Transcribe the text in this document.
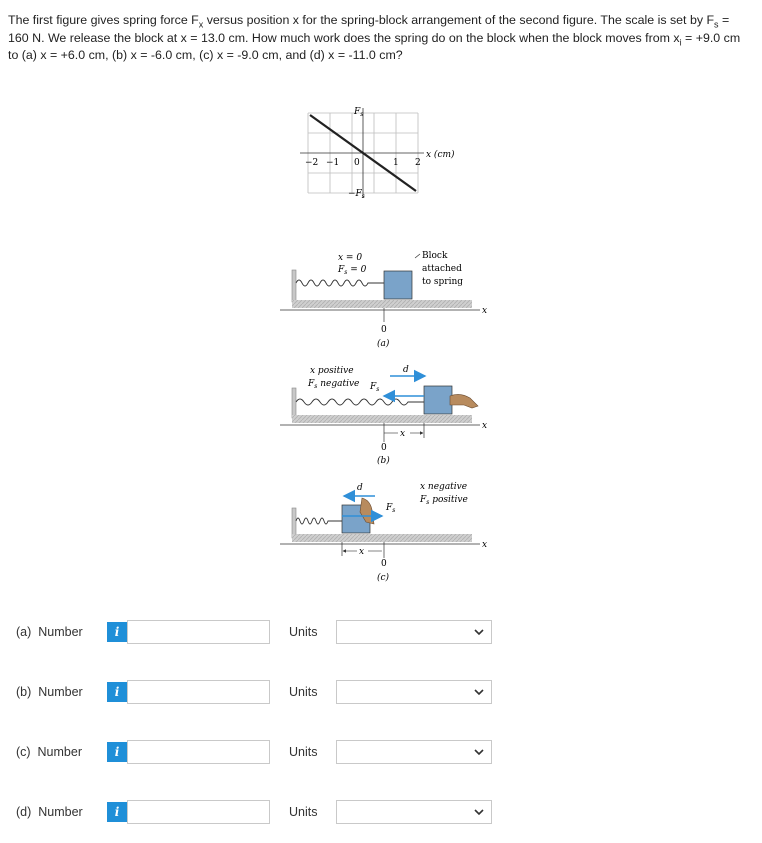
The first figure gives spring force $F_x$ versus position x for the spring-block arrangement of the second figure. The scale is set by $F_s = 160$ N. We release the block at x = 13.0 cm. How much work does the spring do on the block when the block moves from $x_i = +9.0$ cm to (a) x = +6.0 cm, (b) x = -6.0 cm, (c) x = -9.0 cm, and (d) x = -11.0 cm?
$F_s$
$-F_s$
x (cm)
−2 −1 0	1 2
x = 0
$F_s = 0$
Block
attached
to spring
x
0
(a)
x positive
$F_s$ negative
d
$F_s$
x
x
0
(b)
x negative
$F_s$ positive
d
$F_s$
x
x
0
(c)
(a) Number	i	Units
(b) Number	i	Units
(c) Number	i	Units
(d) Number	i	Units
